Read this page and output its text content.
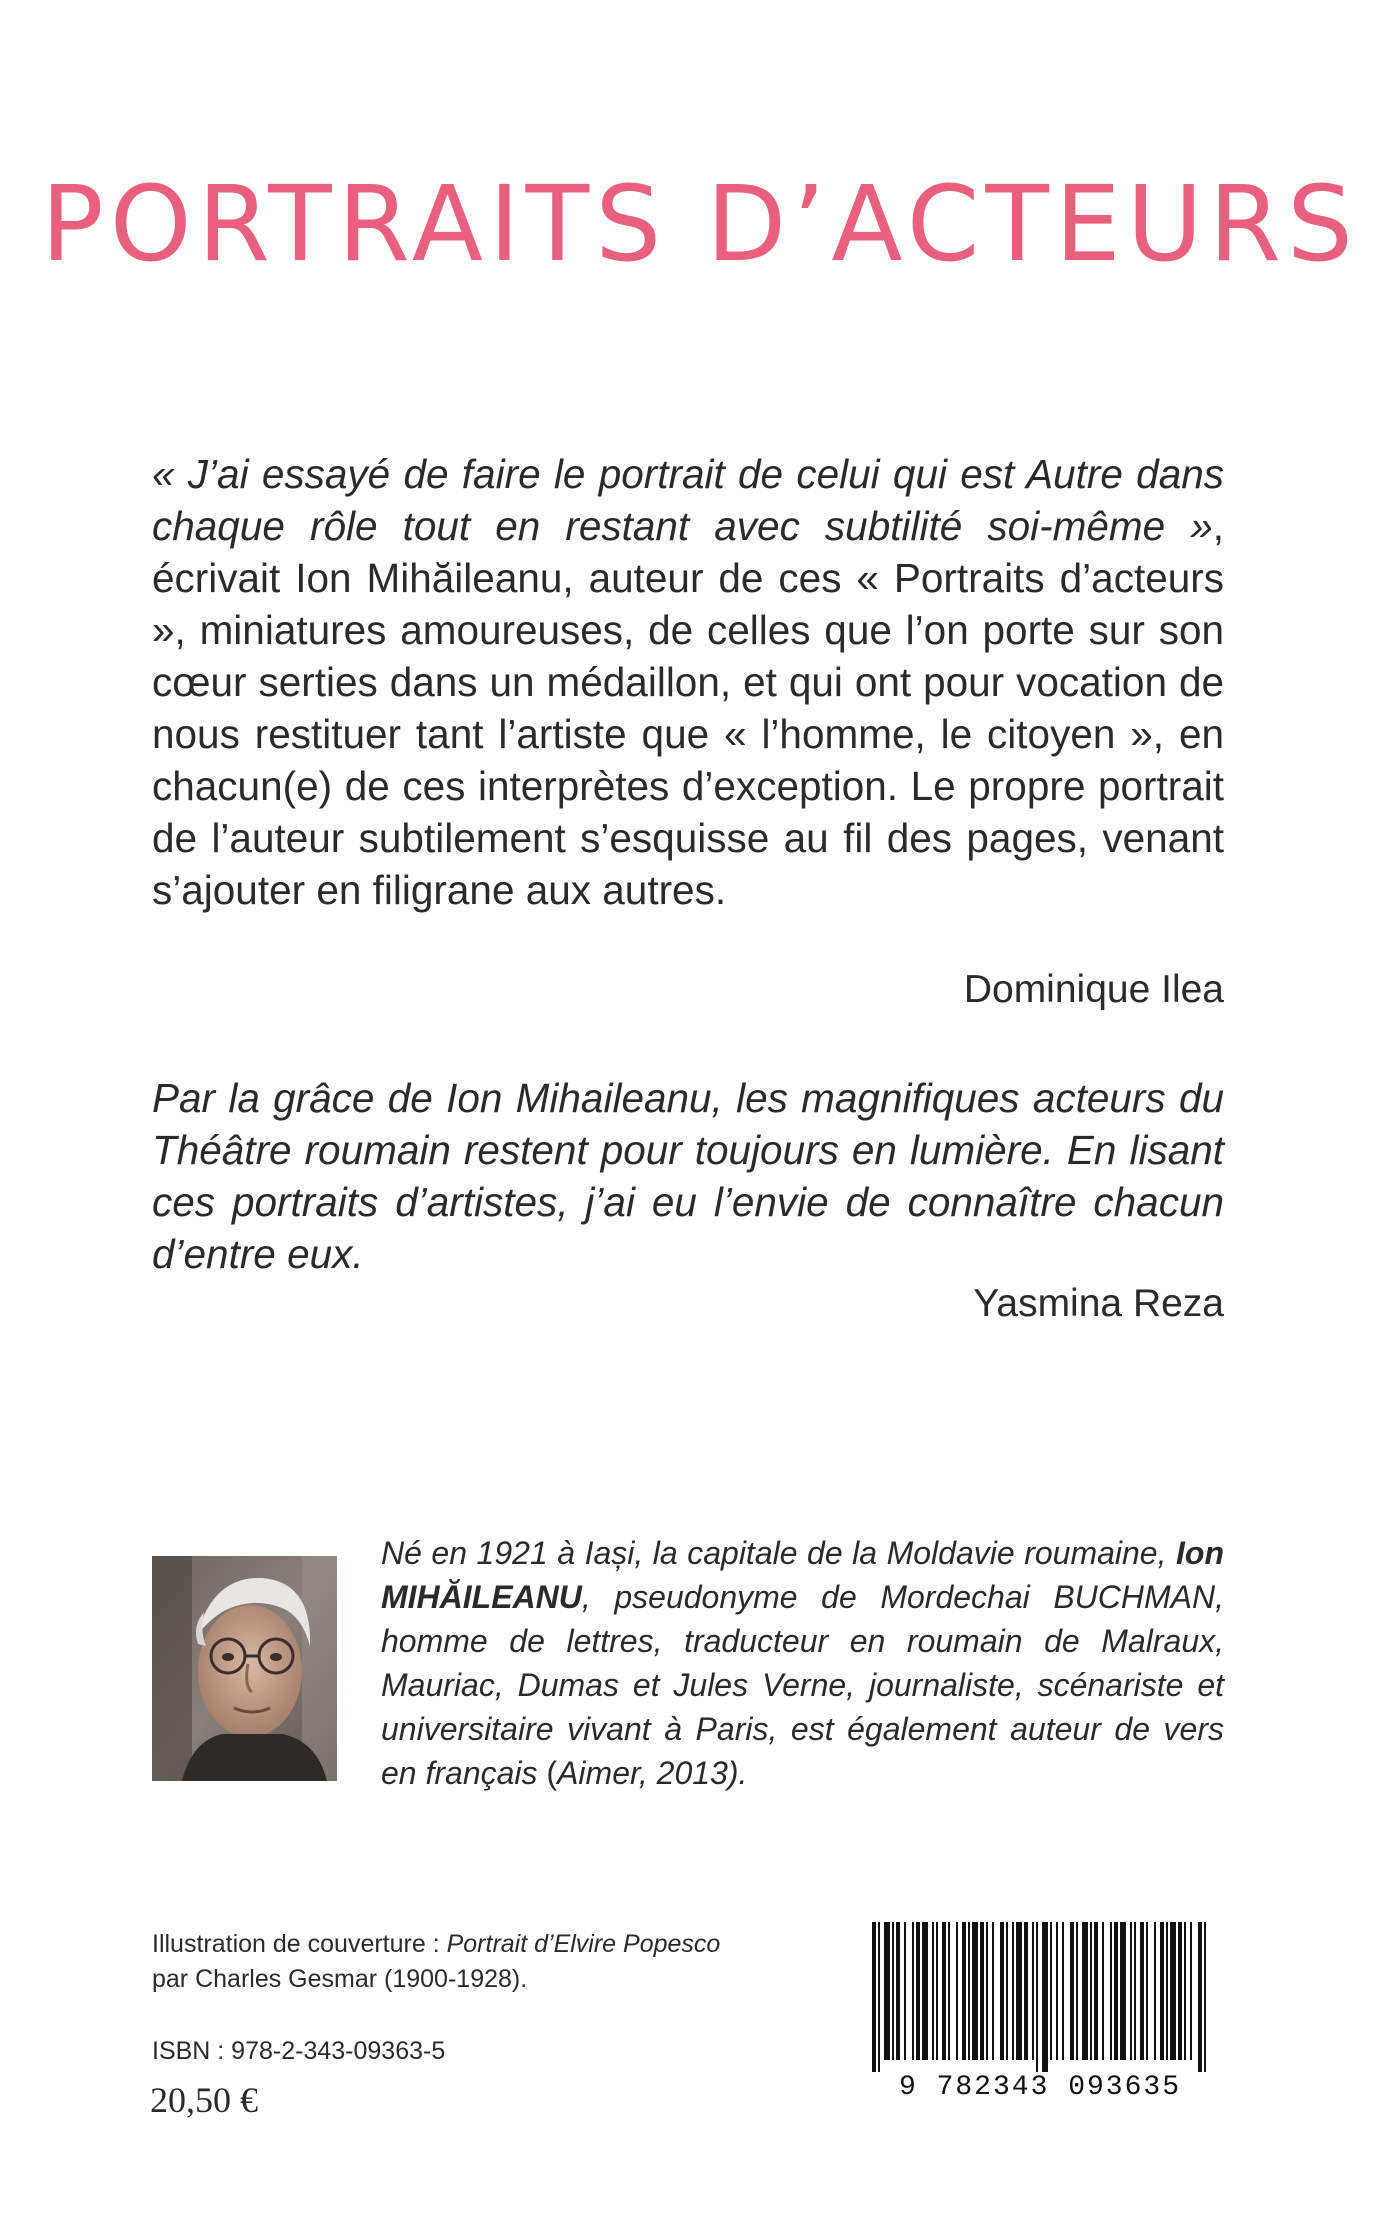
PORTRAITS D’ACTEURS

« J’ai essayé de faire le portrait de celui qui est Autre dans chaque rôle tout en restant avec subtilité soi-même », écrivait Ion Mihăileanu, auteur de ces « Portraits d’acteurs », miniatures amoureuses, de celles que l’on porte sur son cœur serties dans un médaillon, et qui ont pour vocation de nous restituer tant l’artiste que « l’homme, le citoyen », en chacun(e) de ces interprètes d’exception. Le propre portrait de l’auteur subtilement s’esquisse au fil des pages, venant s’ajouter en filigrane aux autres.

Dominique Ilea

Par la grâce de Ion Mihaileanu, les magnifiques acteurs du Théâtre roumain restent pour toujours en lumière. En lisant ces portraits d’artistes, j’ai eu l’envie de connaître chacun d’entre eux.

Yasmina Reza

Né en 1921 à Iași, la capitale de la Moldavie roumaine, Ion MIHĂILEANU, pseudonyme de Mordechai BUCHMAN, homme de lettres, traducteur en roumain de Malraux, Mauriac, Dumas et Jules Verne, journaliste, scénariste et universitaire vivant à Paris, est également auteur de vers en français (Aimer, 2013).

Illustration de couverture : Portrait d’Elvire Popesco
par Charles Gesmar (1900-1928).
ISBN : 978-2-343-09363-5
20,50 €	9 782343 093635
